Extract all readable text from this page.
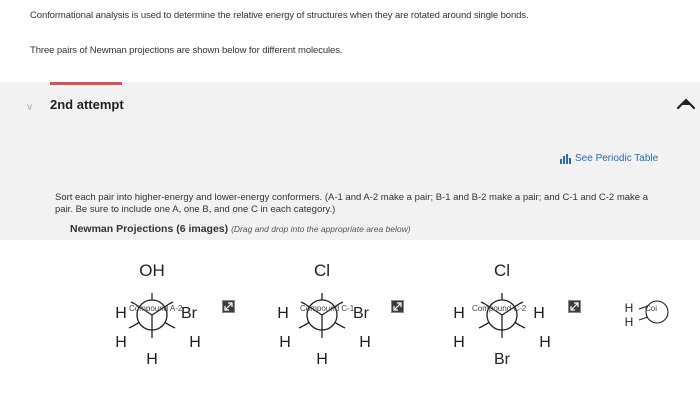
Conformational analysis is used to determine the relative energy of structures when they are rotated around single bonds.
Three pairs of Newman projections are shown below for different molecules.
∨ 2nd attempt
See Periodic Table
Sort each pair into higher-energy and lower-energy conformers. (A-1 and A-2 make a pair; B-1 and B-2 make a pair; and C-1 and C-2 make a pair. Be sure to include one A, one B, and one C in each category.)
Newman Projections (6 images) (Drag and drop into the appropriate area below)
OH
H	Br
H	H
H
Cl
H	Br
H	H
H
Cl
H	H
H	H
Br
H
H
Compound A-2	Compound C-1	Compound C-2	Coi
